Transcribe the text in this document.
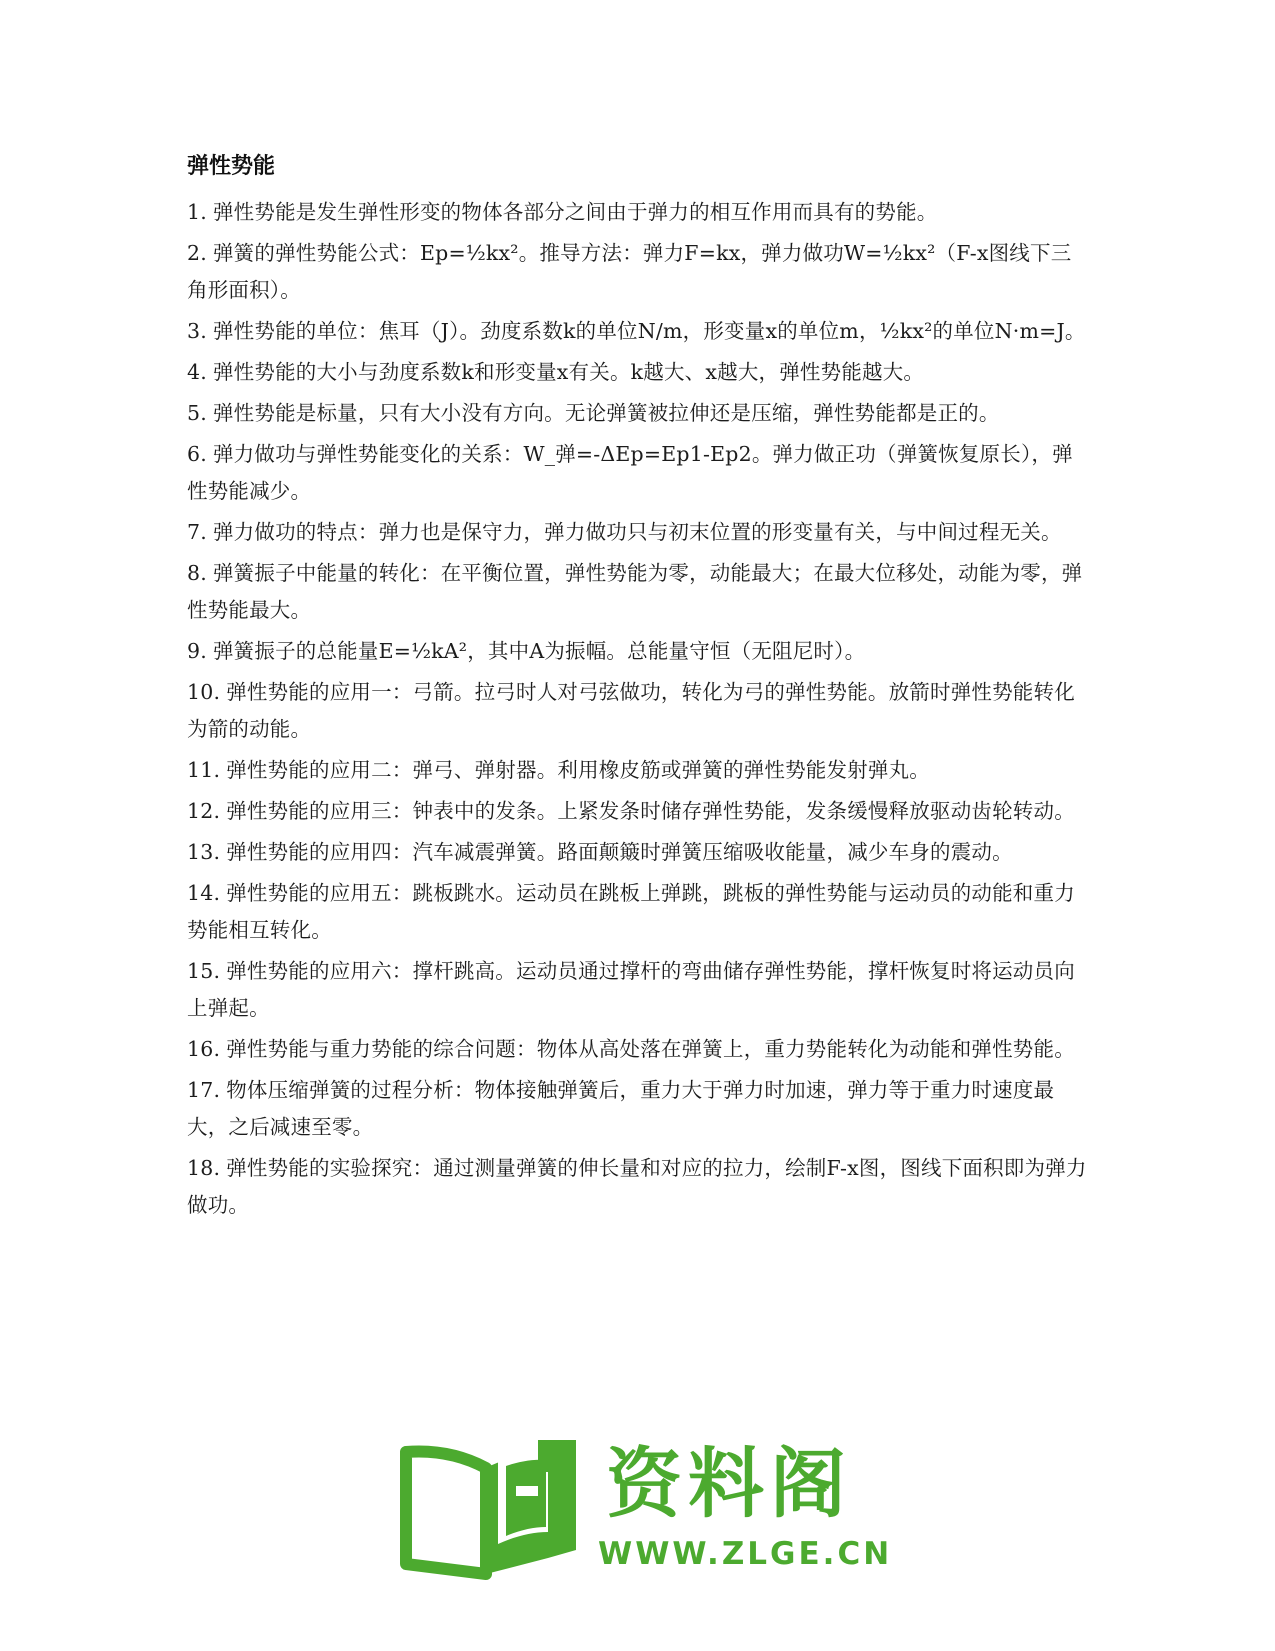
弹性势能
1. 弹性势能是发生弹性形变的物体各部分之间由于弹力的相互作用而具有的势能。
2. 弹簧的弹性势能公式：Ep=½kx²。推导方法：弹力F=kx，弹力做功W=½kx²（F-x图线下三角形面积）。
3. 弹性势能的单位：焦耳（J）。劲度系数k的单位N/m，形变量x的单位m，½kx²的单位N·m=J。
4. 弹性势能的大小与劲度系数k和形变量x有关。k越大、x越大，弹性势能越大。
5. 弹性势能是标量，只有大小没有方向。无论弹簧被拉伸还是压缩，弹性势能都是正的。
6. 弹力做功与弹性势能变化的关系：W_弹=-ΔEp=Ep1-Ep2。弹力做正功（弹簧恢复原长），弹性势能减少。
7. 弹力做功的特点：弹力也是保守力，弹力做功只与初末位置的形变量有关，与中间过程无关。
8. 弹簧振子中能量的转化：在平衡位置，弹性势能为零，动能最大；在最大位移处，动能为零，弹性势能最大。
9. 弹簧振子的总能量E=½kA²，其中A为振幅。总能量守恒（无阻尼时）。
10. 弹性势能的应用一：弓箭。拉弓时人对弓弦做功，转化为弓的弹性势能。放箭时弹性势能转化为箭的动能。
11. 弹性势能的应用二：弹弓、弹射器。利用橡皮筋或弹簧的弹性势能发射弹丸。
12. 弹性势能的应用三：钟表中的发条。上紧发条时储存弹性势能，发条缓慢释放驱动齿轮转动。
13. 弹性势能的应用四：汽车减震弹簧。路面颠簸时弹簧压缩吸收能量，减少车身的震动。
14. 弹性势能的应用五：跳板跳水。运动员在跳板上弹跳，跳板的弹性势能与运动员的动能和重力势能相互转化。
15. 弹性势能的应用六：撑杆跳高。运动员通过撑杆的弯曲储存弹性势能，撑杆恢复时将运动员向上弹起。
16. 弹性势能与重力势能的综合问题：物体从高处落在弹簧上，重力势能转化为动能和弹性势能。
17. 物体压缩弹簧的过程分析：物体接触弹簧后，重力大于弹力时加速，弹力等于重力时速度最大，之后减速至零。
18. 弹性势能的实验探究：通过测量弹簧的伸长量和对应的拉力，绘制F-x图，图线下面积即为弹力做功。
资料阁
WWW.ZLGE.CN
